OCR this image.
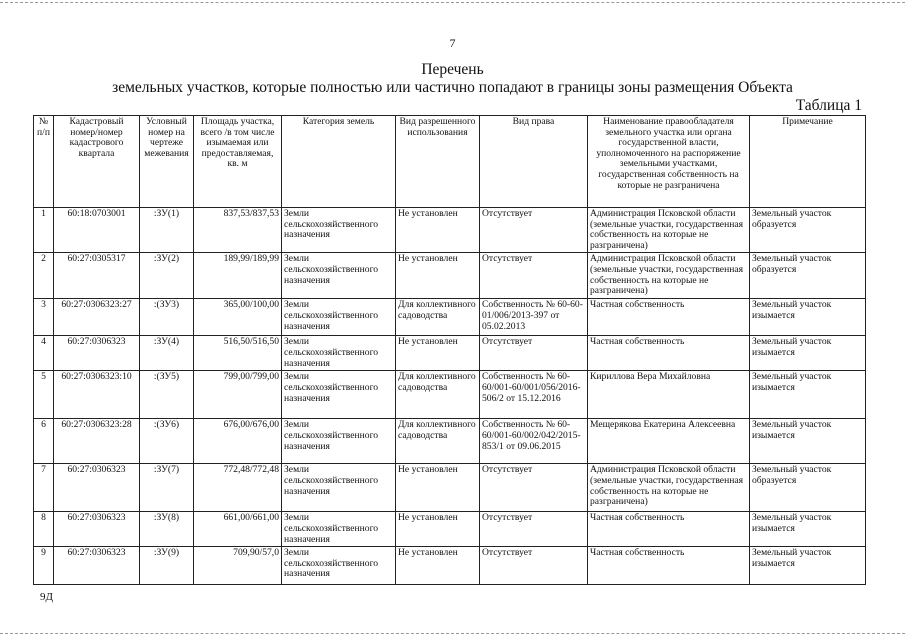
7
Перечень
земельных участков, которые полностью или частично попадают в границы зоны размещения Объекта
Таблица 1
№ п/п	Кадастровый номер/номер кадастрового квартала	Условный номер на чертеже межевания	Площадь участка, всего /в том числе изымаемая или предоставляемая, кв. м	Категория земель	Вид разрешенного использования	Вид права	Наименование правообладателя земельного участка или органа государственной власти, уполномоченного на распоряжение земельными участками, государственная собственность на которые не разграничена	Примечание
1	60:18:0703001	:ЗУ(1)	837,53/837,53	Земли сельскохозяйственного назначения	Не установлен	Отсутствует	Администрация Псковской области (земельные участки, государственная собственность на которые не разграничена)	Земельный участок образуется
2	60:27:0305317	:ЗУ(2)	189,99/189,99	Земли сельскохозяйственного назначения	Не установлен	Отсутствует	Администрация Псковской области (земельные участки, государственная собственность на которые не разграничена)	Земельный участок образуется
3	60:27:0306323:27	:(ЗУ3)	365,00/100,00	Земли сельскохозяйственного назначения	Для коллективного садоводства	Собственность № 60-60-01/006/2013-397 от 05.02.2013	Частная собственность	Земельный участок изымается
4	60:27:0306323	:ЗУ(4)	516,50/516,50	Земли сельскохозяйственного назначения	Не установлен	Отсутствует	Частная собственность	Земельный участок изымается
5	60:27:0306323:10	:(ЗУ5)	799,00/799,00	Земли сельскохозяйственного назначения	Для коллективного садоводства	Собственность № 60-60/001-60/001/056/2016-506/2 от 15.12.2016	Кириллова Вера Михайловна	Земельный участок изымается
6	60:27:0306323:28	:(ЗУ6)	676,00/676,00	Земли сельскохозяйственного назначения	Для коллективного садоводства	Собственность № 60-60/001-60/002/042/2015-853/1 от 09.06.2015	Мещерякова Екатерина Алексеевна	Земельный участок изымается
7	60:27:0306323	:ЗУ(7)	772,48/772,48	Земли сельскохозяйственного назначения	Не установлен	Отсутствует	Администрация Псковской области (земельные участки, государственная собственность на которые не разграничена)	Земельный участок образуется
8	60:27:0306323	:ЗУ(8)	661,00/661,00	Земли сельскохозяйственного назначения	Не установлен	Отсутствует	Частная собственность	Земельный участок изымается
9	60:27:0306323	:ЗУ(9)	709,90/57,0	Земли сельскохозяйственного назначения	Не установлен	Отсутствует	Частная собственность	Земельный участок изымается
9Д
